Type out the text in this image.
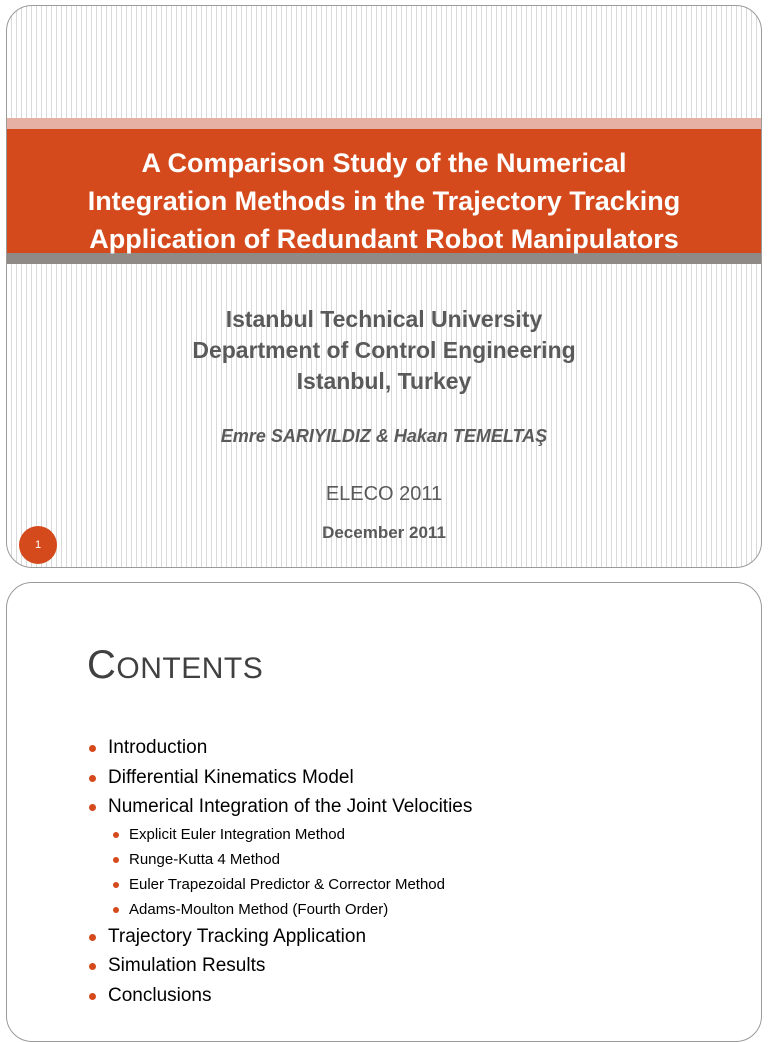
A Comparison Study of the Numerical
Integration Methods in the Trajectory Tracking
Application of Redundant Robot Manipulators
Istanbul Technical University
Department of Control Engineering
Istanbul, Turkey
Emre SARIYILDIZ & Hakan TEMELTAŞ
ELECO 2011
December 2011
1
CONTENTS
Introduction
Differential Kinematics Model
Numerical Integration of the Joint Velocities
Explicit Euler Integration Method
Runge-Kutta 4 Method
Euler Trapezoidal Predictor & Corrector Method
Adams-Moulton Method (Fourth Order)
Trajectory Tracking Application
Simulation Results
Conclusions
